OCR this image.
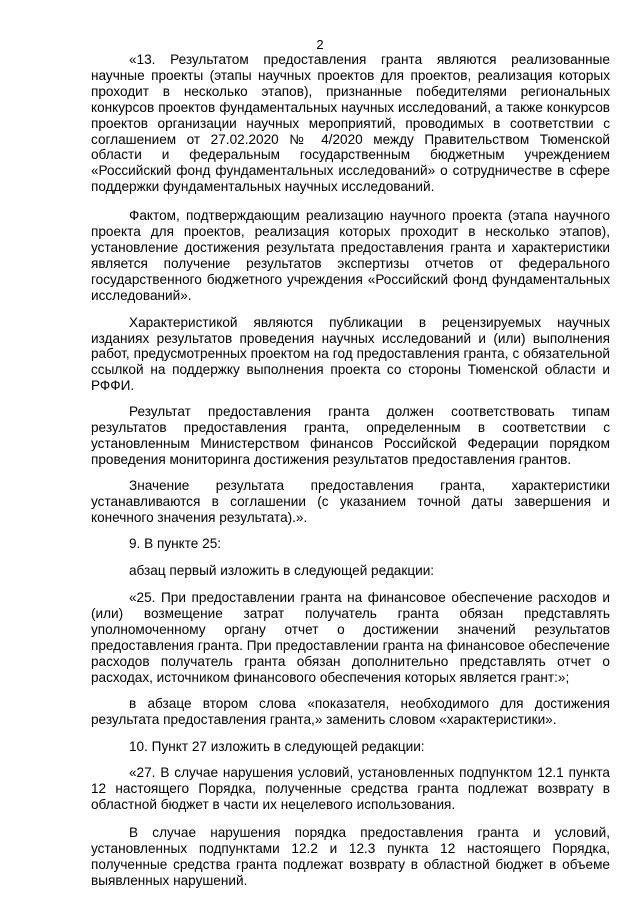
2

«13. Результатом предоставления гранта являются реализованные научные проекты (этапы научных проектов для проектов, реализация которых проходит в несколько этапов), признанные победителями региональных конкурсов проектов фундаментальных научных исследований, а также конкурсов проектов организации научных мероприятий, проводимых в соответствии с соглашением от 27.02.2020 № 4/2020 между Правительством Тюменской области и федеральным государственным бюджетным учреждением «Российский фонд фундаментальных исследований» о сотрудничестве в сфере поддержки фундаментальных научных исследований.

Фактом, подтверждающим реализацию научного проекта (этапа научного проекта для проектов, реализация которых проходит в несколько этапов), установление достижения результата предоставления гранта и характеристики является получение результатов экспертизы отчетов от федерального государственного бюджетного учреждения «Российский фонд фундаментальных исследований».

Характеристикой являются публикации в рецензируемых научных изданиях результатов проведения научных исследований и (или) выполнения работ, предусмотренных проектом на год предоставления гранта, с обязательной ссылкой на поддержку выполнения проекта со стороны Тюменской области и РФФИ.

Результат предоставления гранта должен соответствовать типам результатов предоставления гранта, определенным в соответствии с установленным Министерством финансов Российской Федерации порядком проведения мониторинга достижения результатов предоставления грантов.

Значение результата предоставления гранта, характеристики устанавливаются в соглашении (с указанием точной даты завершения и конечного значения результата).».

9. В пункте 25:

абзац первый изложить в следующей редакции:

«25. При предоставлении гранта на финансовое обеспечение расходов и (или) возмещение затрат получатель гранта обязан представлять уполномоченному органу отчет о достижении значений результатов предоставления гранта. При предоставлении гранта на финансовое обеспечение расходов получатель гранта обязан дополнительно представлять отчет о расходах, источником финансового обеспечения которых является грант:»;

в абзаце втором слова «показателя, необходимого для достижения результата предоставления гранта,» заменить словом «характеристики».

10. Пункт 27 изложить в следующей редакции:

«27. В случае нарушения условий, установленных подпунктом 12.1 пункта 12 настоящего Порядка, полученные средства гранта подлежат возврату в областной бюджет в части их нецелевого использования.

В случае нарушения порядка предоставления гранта и условий, установленных подпунктами 12.2 и 12.3 пункта 12 настоящего Порядка, полученные средства гранта подлежат возврату в областной бюджет в объеме выявленных нарушений.
